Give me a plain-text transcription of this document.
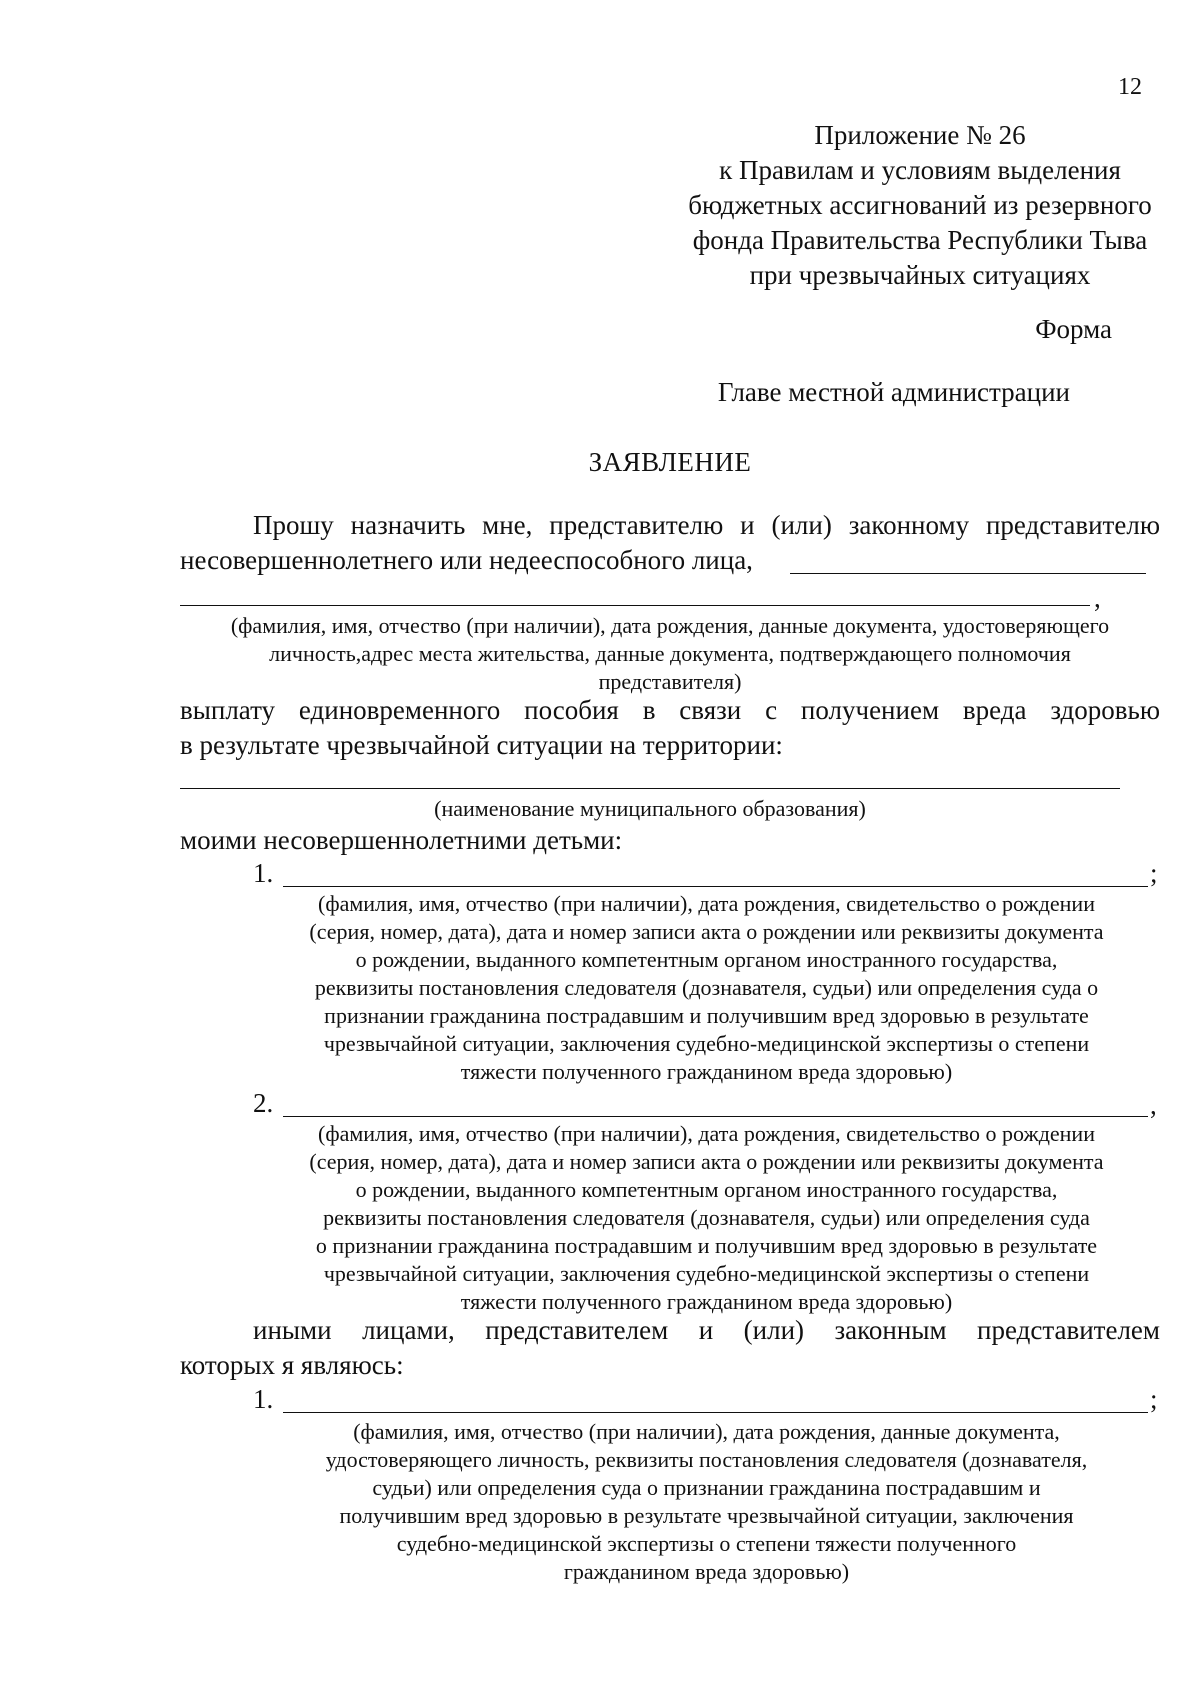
12
Приложение № 26
к Правилам и условиям выделения
бюджетных ассигнований из резервного
фонда Правительства Республики Тыва
при чрезвычайных ситуациях
Форма
Главе местной администрации
ЗАЯВЛЕНИЕ
Прошу назначить мне, представителю и (или) законному представителю
несовершеннолетнего или недееспособного лица,
,
(фамилия, имя, отчество (при наличии), дата рождения, данные документа, удостоверяющего
личность,адрес места жительства, данные документа, подтверждающего полномочия
представителя)
выплату единовременного пособия в связи с получением вреда здоровью
в результате чрезвычайной ситуации на территории:
(наименование муниципального образования)
моими несовершеннолетними детьми:
1.	;
(фамилия, имя, отчество (при наличии), дата рождения, свидетельство о рождении
(серия, номер, дата), дата и номер записи акта о рождении или реквизиты документа
о рождении, выданного компетентным органом иностранного государства,
реквизиты постановления следователя (дознавателя, судьи) или определения суда о
признании гражданина пострадавшим и получившим вред здоровью в результате
чрезвычайной ситуации, заключения судебно-медицинской экспертизы о степени
тяжести полученного гражданином вреда здоровью)
2.	,
(фамилия, имя, отчество (при наличии), дата рождения, свидетельство о рождении
(серия, номер, дата), дата и номер записи акта о рождении или реквизиты документа
о рождении, выданного компетентным органом иностранного государства,
реквизиты постановления следователя (дознавателя, судьи) или определения суда
о признании гражданина пострадавшим и получившим вред здоровью в результате
чрезвычайной ситуации, заключения судебно-медицинской экспертизы о степени
тяжести полученного гражданином вреда здоровью)
иными лицами, представителем и (или) законным представителем
которых я являюсь:
1.	;
(фамилия, имя, отчество (при наличии), дата рождения, данные документа,
удостоверяющего личность, реквизиты постановления следователя (дознавателя,
судьи) или определения суда о признании гражданина пострадавшим и
получившим вред здоровью в результате чрезвычайной ситуации, заключения
судебно-медицинской экспертизы о степени тяжести полученного
гражданином вреда здоровью)
